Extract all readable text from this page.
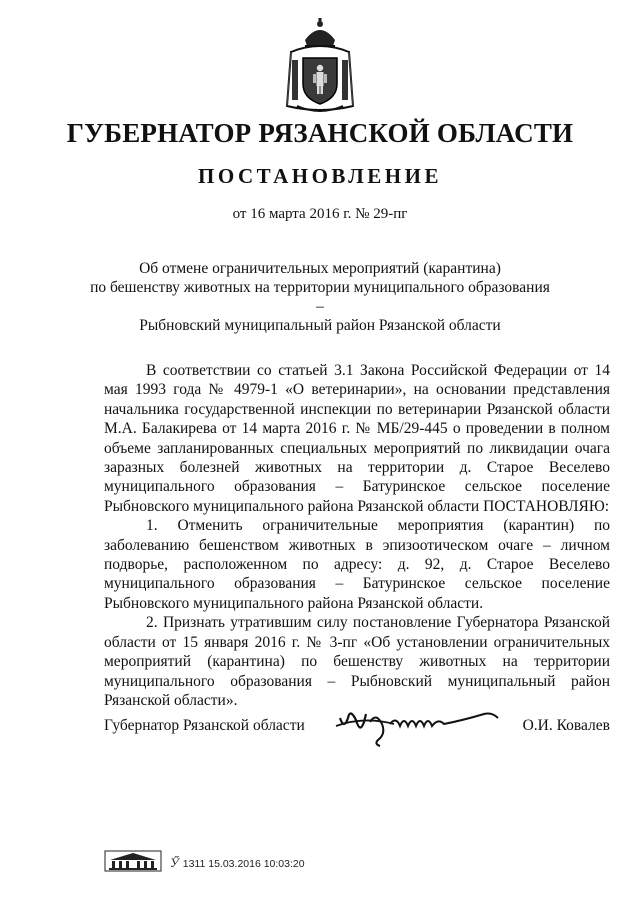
ГУБЕРНАТОР РЯЗАНСКОЙ ОБЛАСТИ
ПОСТАНОВЛЕНИЕ
от 16 марта 2016 г. № 29-пг
Об отмене ограничительных мероприятий (карантина)
по бешенству животных на территории муниципального образования –
Рыбновский муниципальный район Рязанской области

В соответствии со статьей 3.1 Закона Российской Федерации от 14 мая 1993 года № 4979-1 «О ветеринарии», на основании представления начальника государственной инспекции по ветеринарии Рязанской области М.А. Балакирева от 14 марта 2016 г. № МБ/29-445 о проведении в полном объеме запланированных специальных мероприятий по ликвидации очага заразных болезней животных на территории д. Старое Веселево муниципального образования – Батуринское сельское поселение Рыбновского муниципального района Рязанской области ПОСТАНОВЛЯЮ:

1. Отменить ограничительные мероприятия (карантин) по заболеванию бешенством животных в эпизоотическом очаге – личном подворье, расположенном по адресу: д. 92, д. Старое Веселево муниципального образования – Батуринское сельское поселение Рыбновского муниципального района Рязанской области.

2. Признать утратившим силу постановление Губернатора Рязанской области от 15 января 2016 г. № 3-пг «Об установлении ограничительных мероприятий (карантина) по бешенству животных на территории муниципального образования – Рыбновский муниципальный район Рязанской области».

Губернатор Рязанской области	О.И. Ковалев
Ӳ 1311 15.03.2016 10:03:20
